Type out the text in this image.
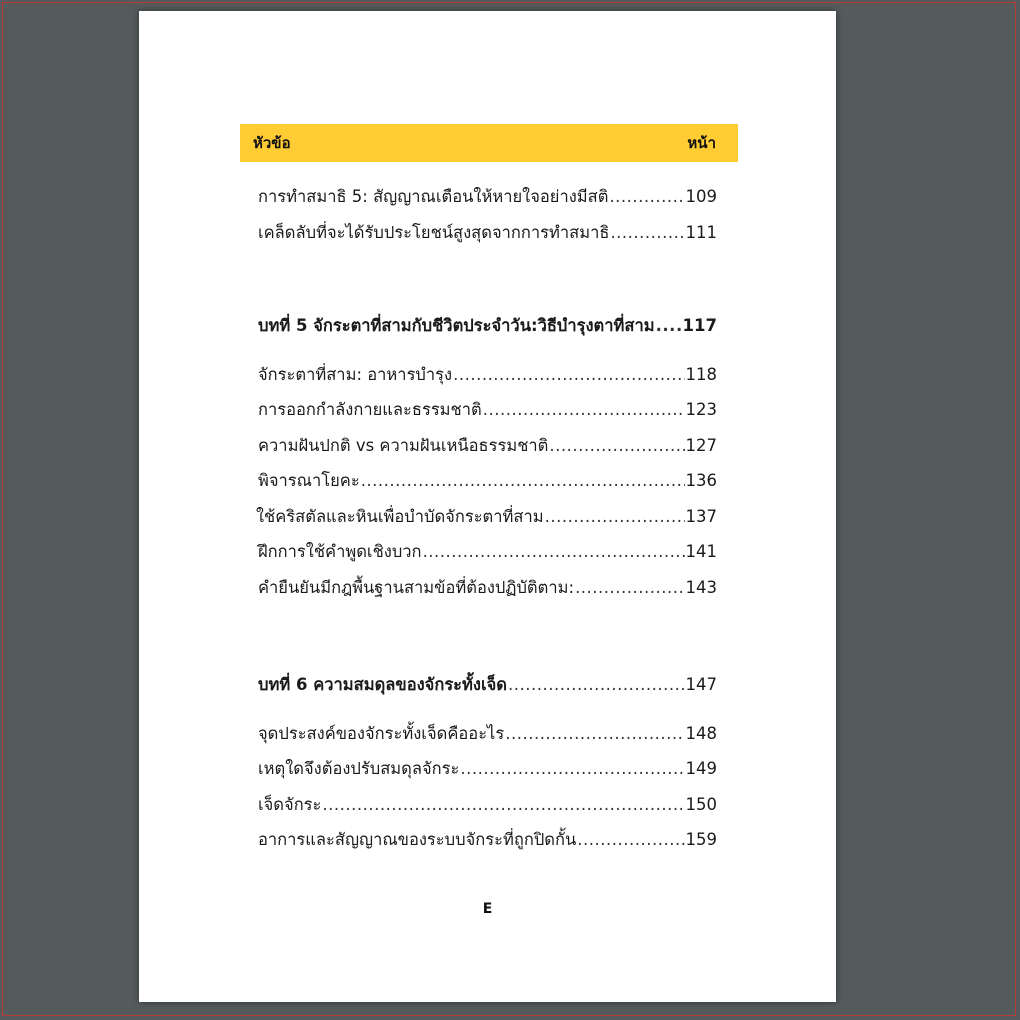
หัวข้อ	หน้า
การทำสมาธิ 5: สัญญาณเตือนให้หายใจอย่างมีสติ .....	109
เคล็ดลับที่จะได้รับประโยชน์สูงสุดจากการทำสมาธิ .....	111
บทที่ 5 จักระตาที่สามกับชีวิตประจำวัน:วิธีบำรุงตาที่สาม ..... 117
จักระตาที่สาม: อาหารบำรุง .....	118
การออกกำลังกายและธรรมชาติ .....	123
ความฝันปกติ vs ความฝันเหนือธรรมชาติ .....	127
พิจารณาโยคะ .....	136
ใช้คริสตัลและหินเพื่อบำบัดจักระตาที่สาม .....	137
ฝึกการใช้คำพูดเชิงบวก .....	141
คำยืนยันมีกฎพื้นฐานสามข้อที่ต้องปฏิบัติตาม: .....	143
บทที่ 6 ความสมดุลของจักระทั้งเจ็ด .....	147
จุดประสงค์ของจักระทั้งเจ็ดคืออะไร .....	148
เหตุใดจึงต้องปรับสมดุลจักระ .....	149
เจ็ดจักระ .....	150
อาการและสัญญาณของระบบจักระที่ถูกปิดกั้น .....	159
E
